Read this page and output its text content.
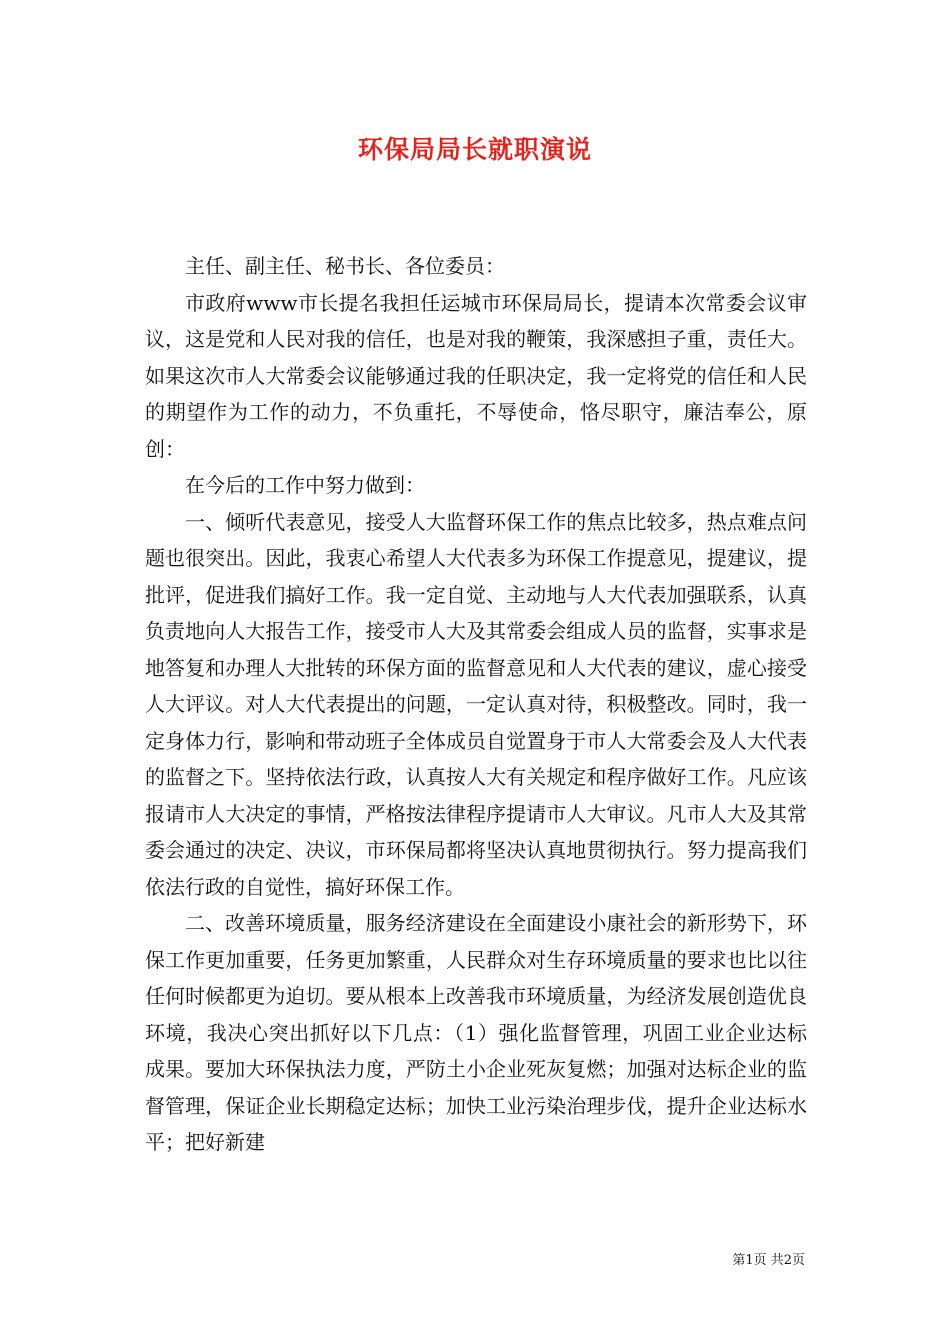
环保局局长就职演说

主任、副主任、秘书长、各位委员：

市政府www市长提名我担任运城市环保局局长，提请本次常委会议审议，这是党和人民对我的信任，也是对我的鞭策，我深感担子重，责任大。如果这次市人大常委会议能够通过我的任职决定，我一定将党的信任和人民的期望作为工作的动力，不负重托，不辱使命，恪尽职守，廉洁奉公，原创：

在今后的工作中努力做到：

一、倾听代表意见，接受人大监督环保工作的焦点比较多，热点难点问题也很突出。因此，我衷心希望人大代表多为环保工作提意见，提建议，提批评，促进我们搞好工作。我一定自觉、主动地与人大代表加强联系，认真负责地向人大报告工作，接受市人大及其常委会组成人员的监督，实事求是地答复和办理人大批转的环保方面的监督意见和人大代表的建议，虚心接受人大评议。对人大代表提出的问题，一定认真对待，积极整改。同时，我一定身体力行，影响和带动班子全体成员自觉置身于市人大常委会及人大代表的监督之下。坚持依法行政，认真按人大有关规定和程序做好工作。凡应该报请市人大决定的事情，严格按法律程序提请市人大审议。凡市人大及其常委会通过的决定、决议，市环保局都将坚决认真地贯彻执行。努力提高我们依法行政的自觉性，搞好环保工作。

二、改善环境质量，服务经济建设在全面建设小康社会的新形势下，环保工作更加重要，任务更加繁重，人民群众对生存环境质量的要求也比以往任何时候都更为迫切。要从根本上改善我市环境质量，为经济发展创造优良环境，我决心突出抓好以下几点：（1）强化监督管理，巩固工业企业达标成果。要加大环保执法力度，严防土小企业死灰复燃；加强对达标企业的监督管理，保证企业长期稳定达标；加快工业污染治理步伐，提升企业达标水平；把好新建

第1页 共2页
